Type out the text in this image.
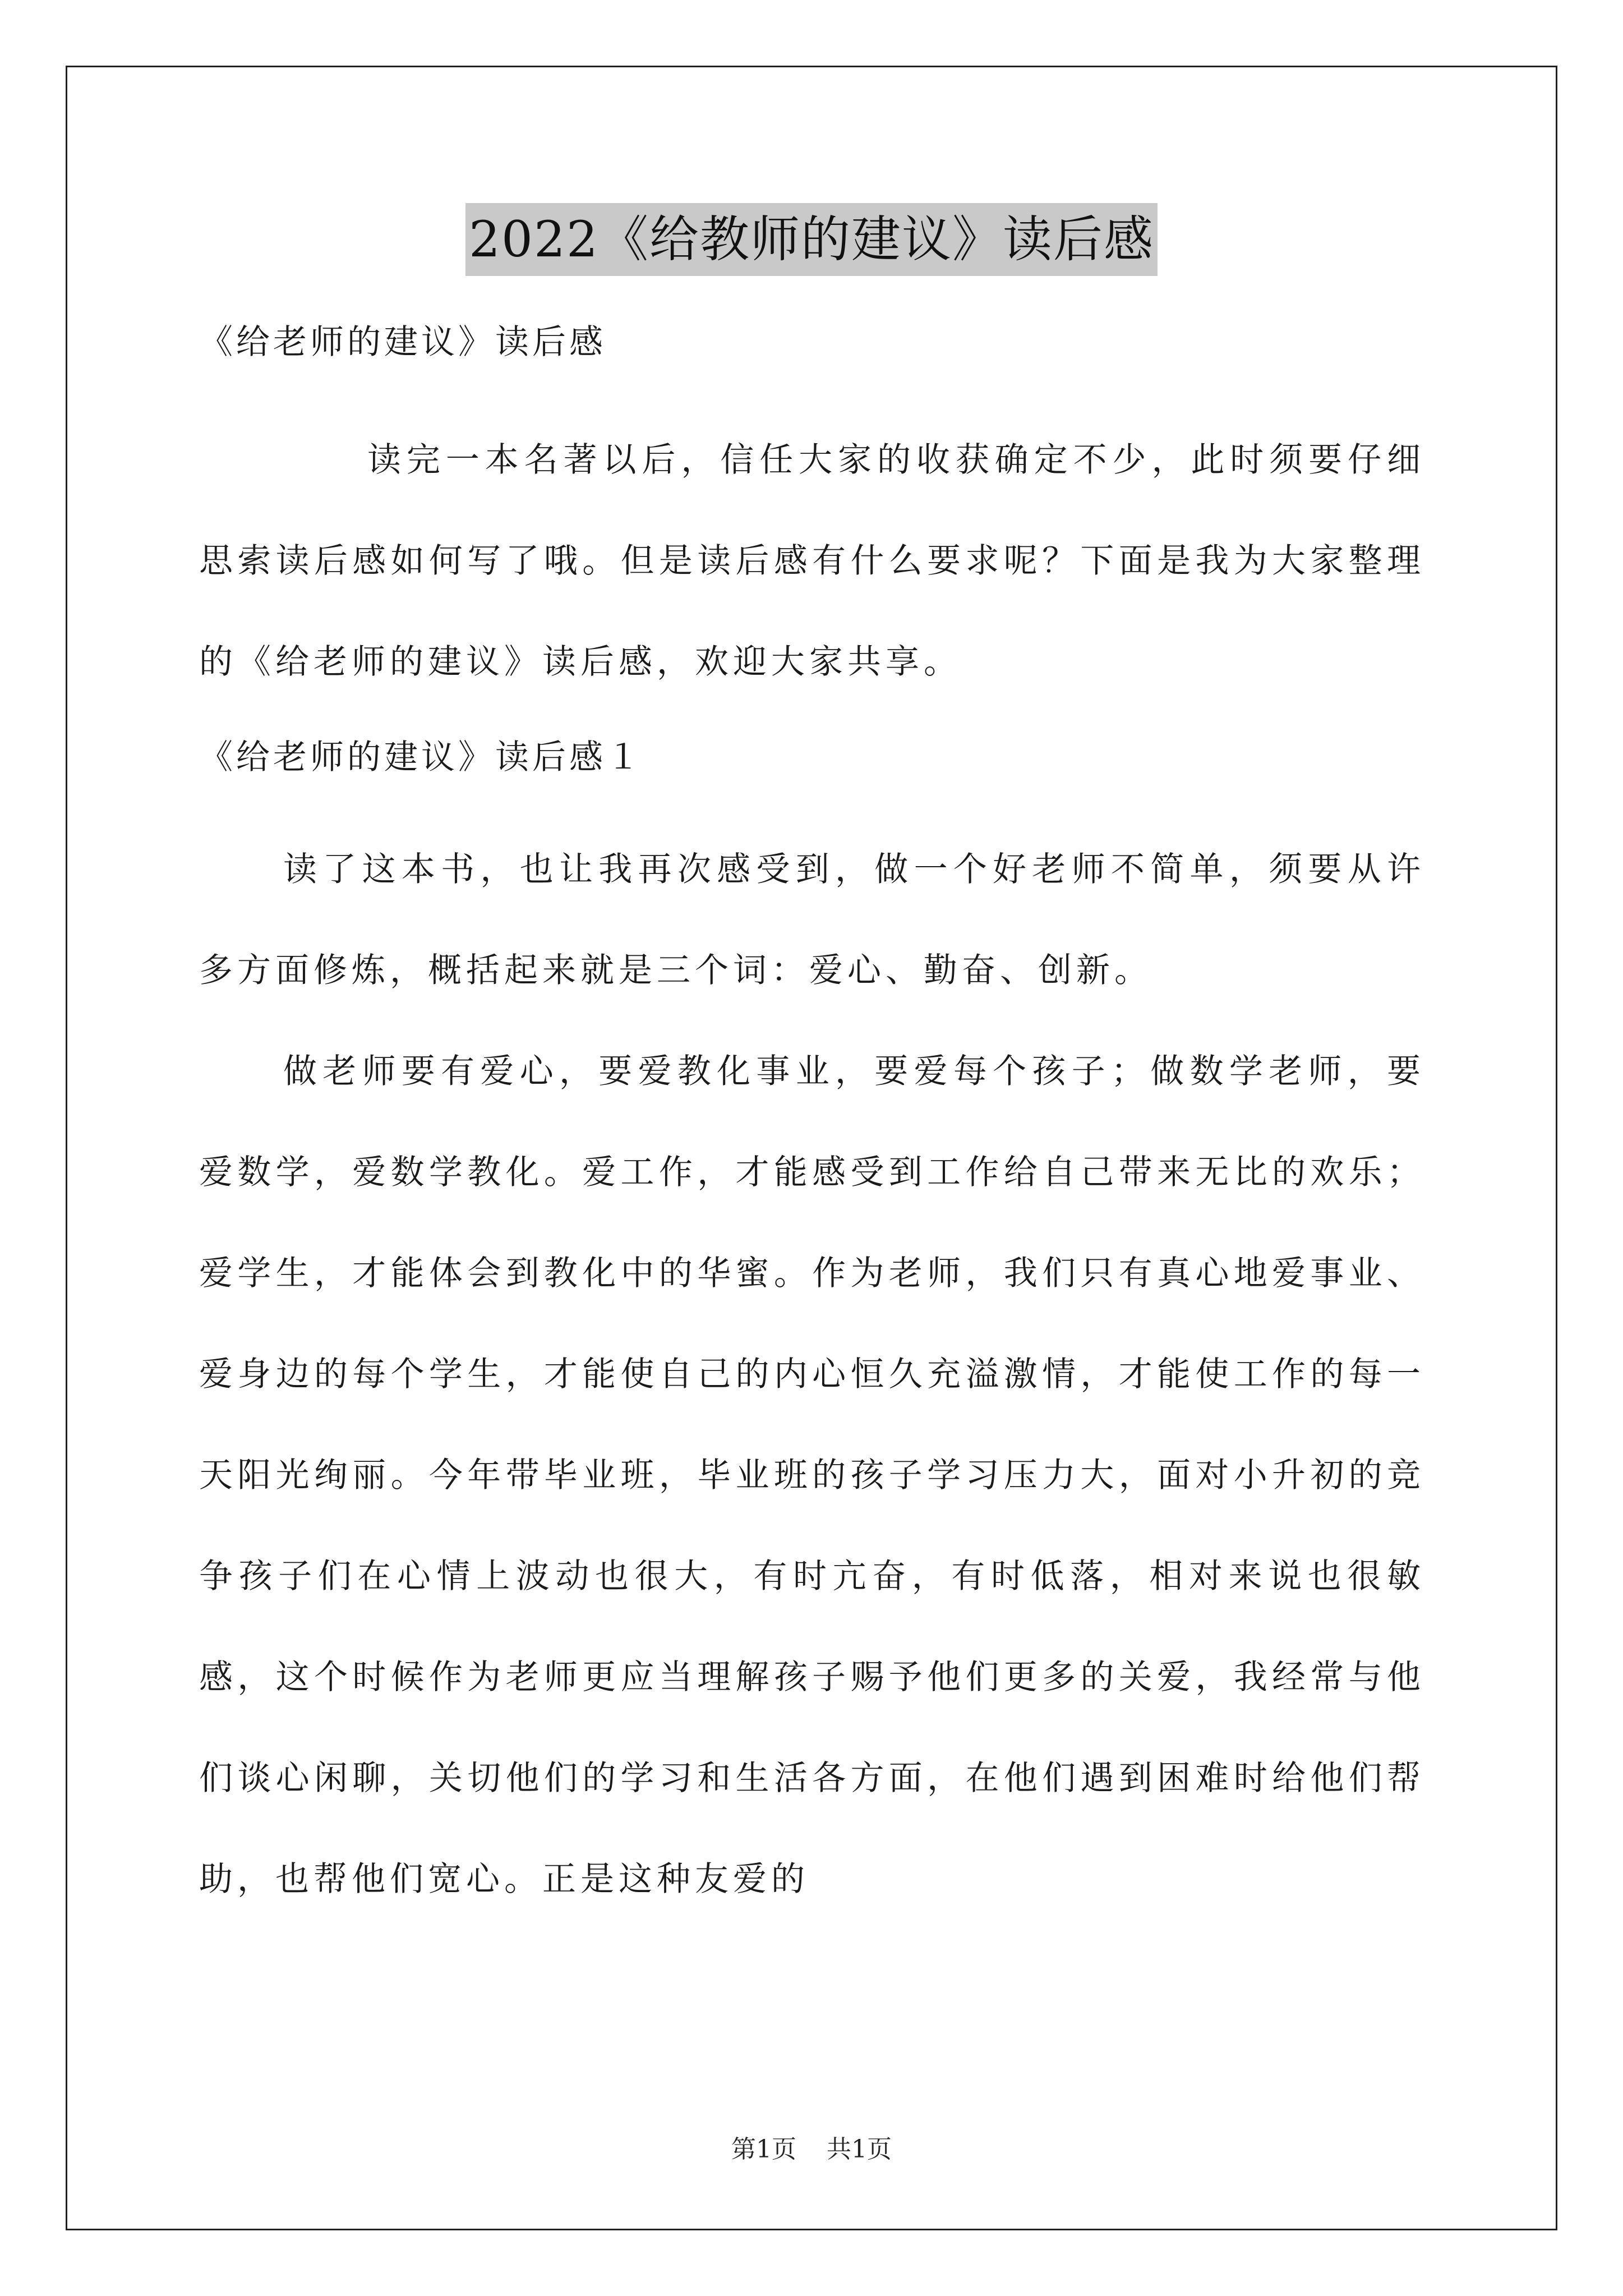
2022《给教师的建议》读后感
《给老师的建议》读后感

读完一本名著以后，信任大家的收获确定不少，此时须要仔细思索读后感如何写了哦。但是读后感有什么要求呢？下面是我为大家整理的《给老师的建议》读后感，欢迎大家共享。

《给老师的建议》读后感１

读了这本书，也让我再次感受到，做一个好老师不简单，须要从许多方面修炼，概括起来就是三个词：爱心、勤奋、创新。

做老师要有爱心，要爱教化事业，要爱每个孩子；做数学老师，要爱数学，爱数学教化。爱工作，才能感受到工作给自己带来无比的欢乐；爱学生，才能体会到教化中的华蜜。作为老师，我们只有真心地爱事业、爱身边的每个学生，才能使自己的内心恒久充溢激情，才能使工作的每一天阳光绚丽。今年带毕业班，毕业班的孩子学习压力大，面对小升初的竞争孩子们在心情上波动也很大，有时亢奋，有时低落，相对来说也很敏感，这个时候作为老师更应当理解孩子赐予他们更多的关爱，我经常与他们谈心闲聊，关切他们的学习和生活各方面，在他们遇到困难时给他们帮助，也帮他们宽心。正是这种友爱的

第1页 共1页
